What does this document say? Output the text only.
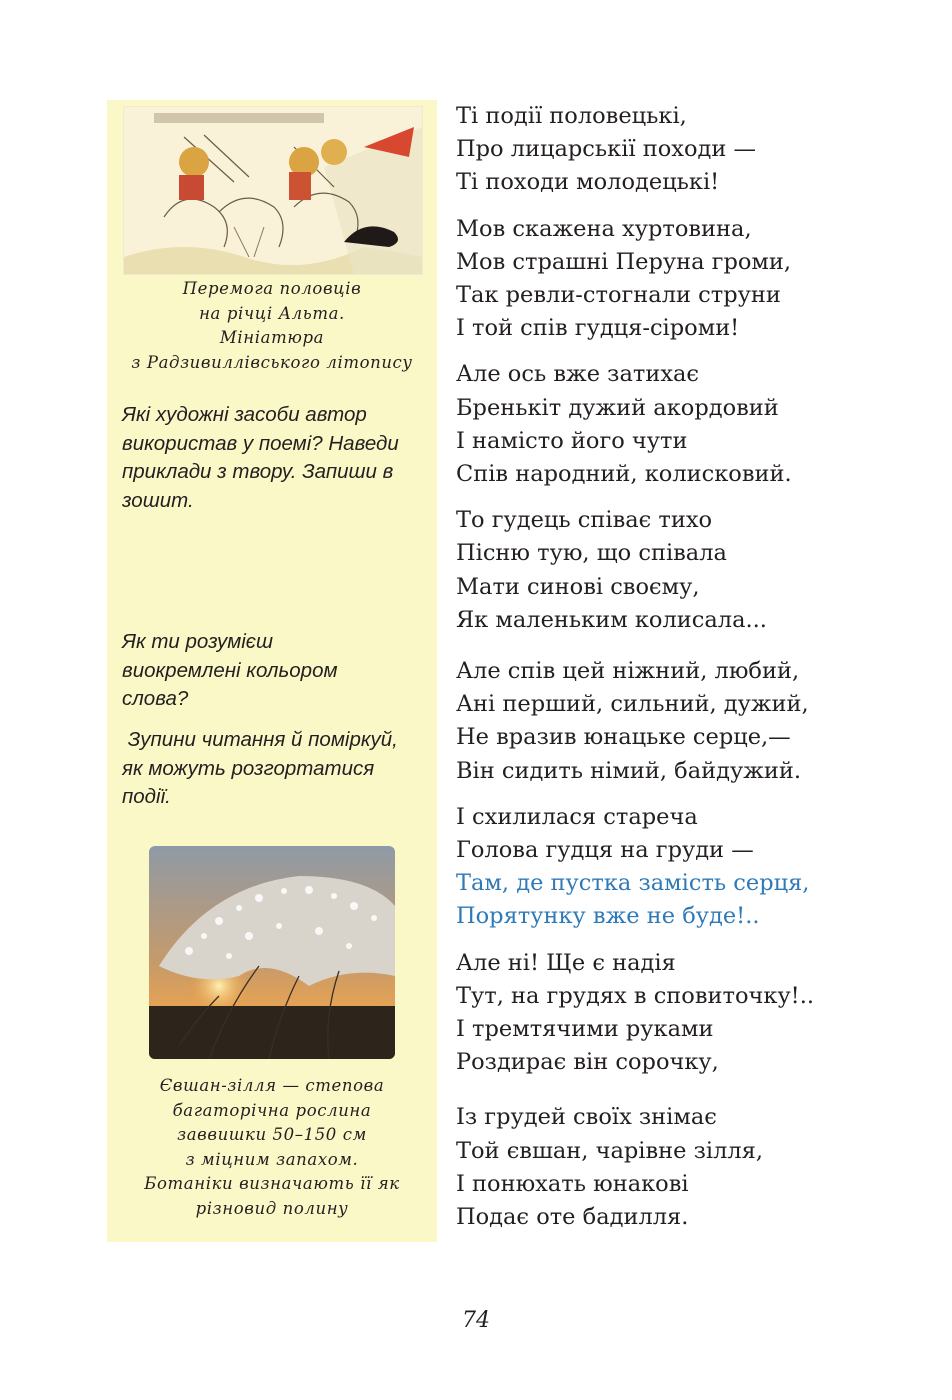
Перемога половців
на річці Альта.
Мініатюра
з Радзивиллівського літопису
Які художні засоби автор
використав у поемі? Наведи
приклади з твору. Запиши в
зошит.
Як ти розумієш
виокремлені кольором
слова?
Зупини читання й поміркуй,
як можуть розгортатися
події.
Євшан-зілля — степова
багаторічна рослина
заввишки 50–150 см
з міцним запахом.
Ботаніки визначають її як
різновид полину
Ті події половецькі,
Про лицарськії походи —
Ті походи молодецькі!
Мов скажена хуртовина,
Мов страшні Перуна громи,
Так ревли-стогнали струни
І той спів гудця-сіроми!
Але ось вже затихає
Бренькіт дужий акордовий
І намісто його чути
Спів народний, колисковий.
То гудець співає тихо
Пісню тую, що співала
Мати синові своєму,
Як маленьким колисала...
Але спів цей ніжний, любий,
Ані перший, сильний, дужий,
Не вразив юнацьке серце,—
Він сидить німий, байдужий.
І схилилася стареча
Голова гудця на груди —
Там, де пустка замість серця,
Порятунку вже не буде!..
Але ні! Ще є надія
Тут, на грудях в сповиточку!..
І тремтячими руками
Роздирає він сорочку,
Із грудей своїх знімає
Той євшан, чарівне зілля,
І понюхать юнакові
Подає оте бадилля.
74
